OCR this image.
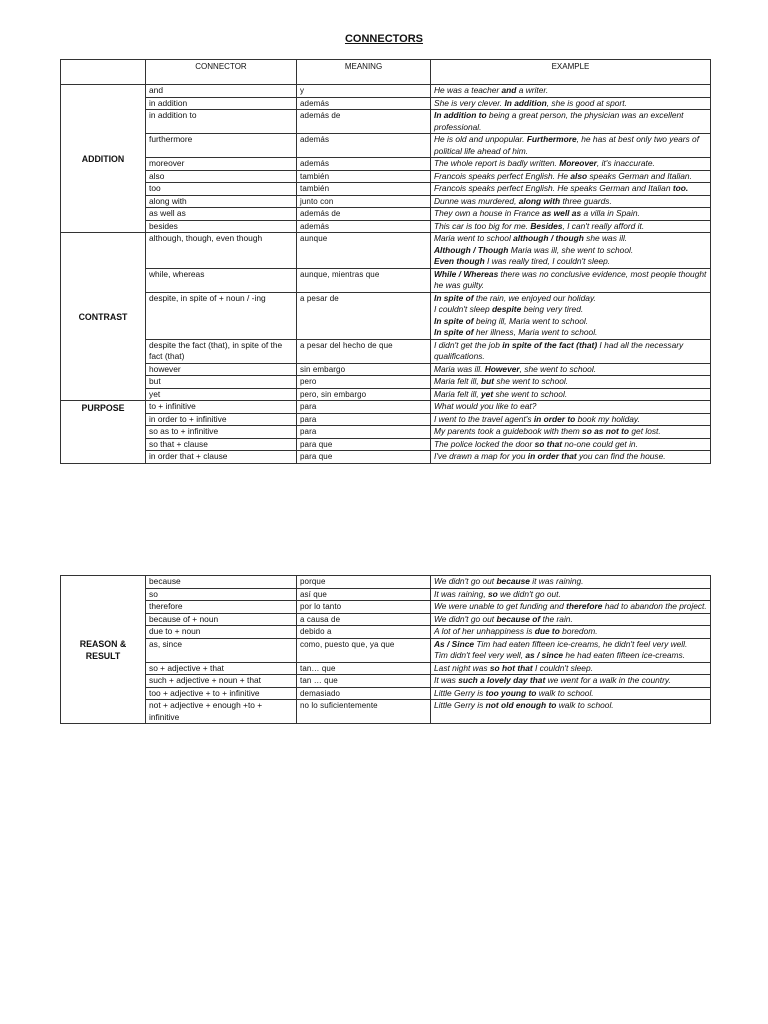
CONNECTORS
	CONNECTOR	MEANING	EXAMPLE
ADDITION	and	y	He was a teacher and a writer.
	in addition	además	She is very clever. In addition, she is good at sport.
	in addition to	además de	In addition to being a great person, the physician was an excellent professional.
	furthermore	además	He is old and unpopular. Furthermore, he has at best only two years of political life ahead of him.
	moreover	además	The whole report is badly written. Moreover, it's inaccurate.
	also	también	Francois speaks perfect English. He also speaks German and Italian.
	too	también	Francois speaks perfect English. He speaks German and Italian too.
	along with	junto con	Dunne was murdered, along with three guards.
	as well as	además de	They own a house in France as well as a villa in Spain.
	besides	además	This car is too big for me. Besides, I can't really afford it.
CONTRAST	although, though, even though	aunque	Maria went to school although / though she was ill.
Although / Though Maria was ill, she went to school.
Even though I was really tired, I couldn't sleep.
	while, whereas	aunque, mientras que	While / Whereas there was no conclusive evidence, most people thought he was guilty.
	despite, in spite of + noun / -ing	a pesar de	In spite of the rain, we enjoyed our holiday.
I couldn't sleep despite being very tired.
In spite of being ill, Maria went to school.
In spite of her illness, Maria went to school.
	despite the fact (that), in spite of the fact (that)	a pesar del hecho de que	I didn't get the job in spite of the fact (that) I had all the necessary qualifications.
	however	sin embargo	Maria was ill. However, she went to school.
	but	pero	Maria felt ill, but she went to school.
	yet	pero, sin embargo	Maria felt ill, yet she went to school.
PURPOSE	to + infinitive	para	What would you like to eat?
	in order to + infinitive	para	I went to the travel agent's in order to book my holiday.
	so as to + infinitive	para	My parents took a guidebook with them so as not to get lost.
	so that + clause	para que	The police locked the door so that no-one could get in.
	in order that + clause	para que	I've drawn a map for you in order that you can find the house.
REASON &
RESULT	because	porque	We didn't go out because it was raining.
	so	así que	It was raining, so we didn't go out.
	therefore	por lo tanto	We were unable to get funding and therefore had to abandon the project.
	because of + noun	a causa de	We didn't go out because of the rain.
	due to + noun	debido a	A lot of her unhappiness is due to boredom.
	as, since	como, puesto que, ya que	As / Since Tim had eaten fifteen ice-creams, he didn't feel very well.
Tim didn't feel very well, as / since he had eaten fifteen ice-creams.
	so + adjective + that	tan… que	Last night was so hot that I couldn't sleep.
	such + adjective + noun + that	tan … que	It was such a lovely day that we went for a walk in the country.
	too + adjective + to + infinitive	demasiado	Little Gerry is too young to walk to school.
	not + adjective + enough +to + infinitive	no lo suficientemente	Little Gerry is not old enough to walk to school.
